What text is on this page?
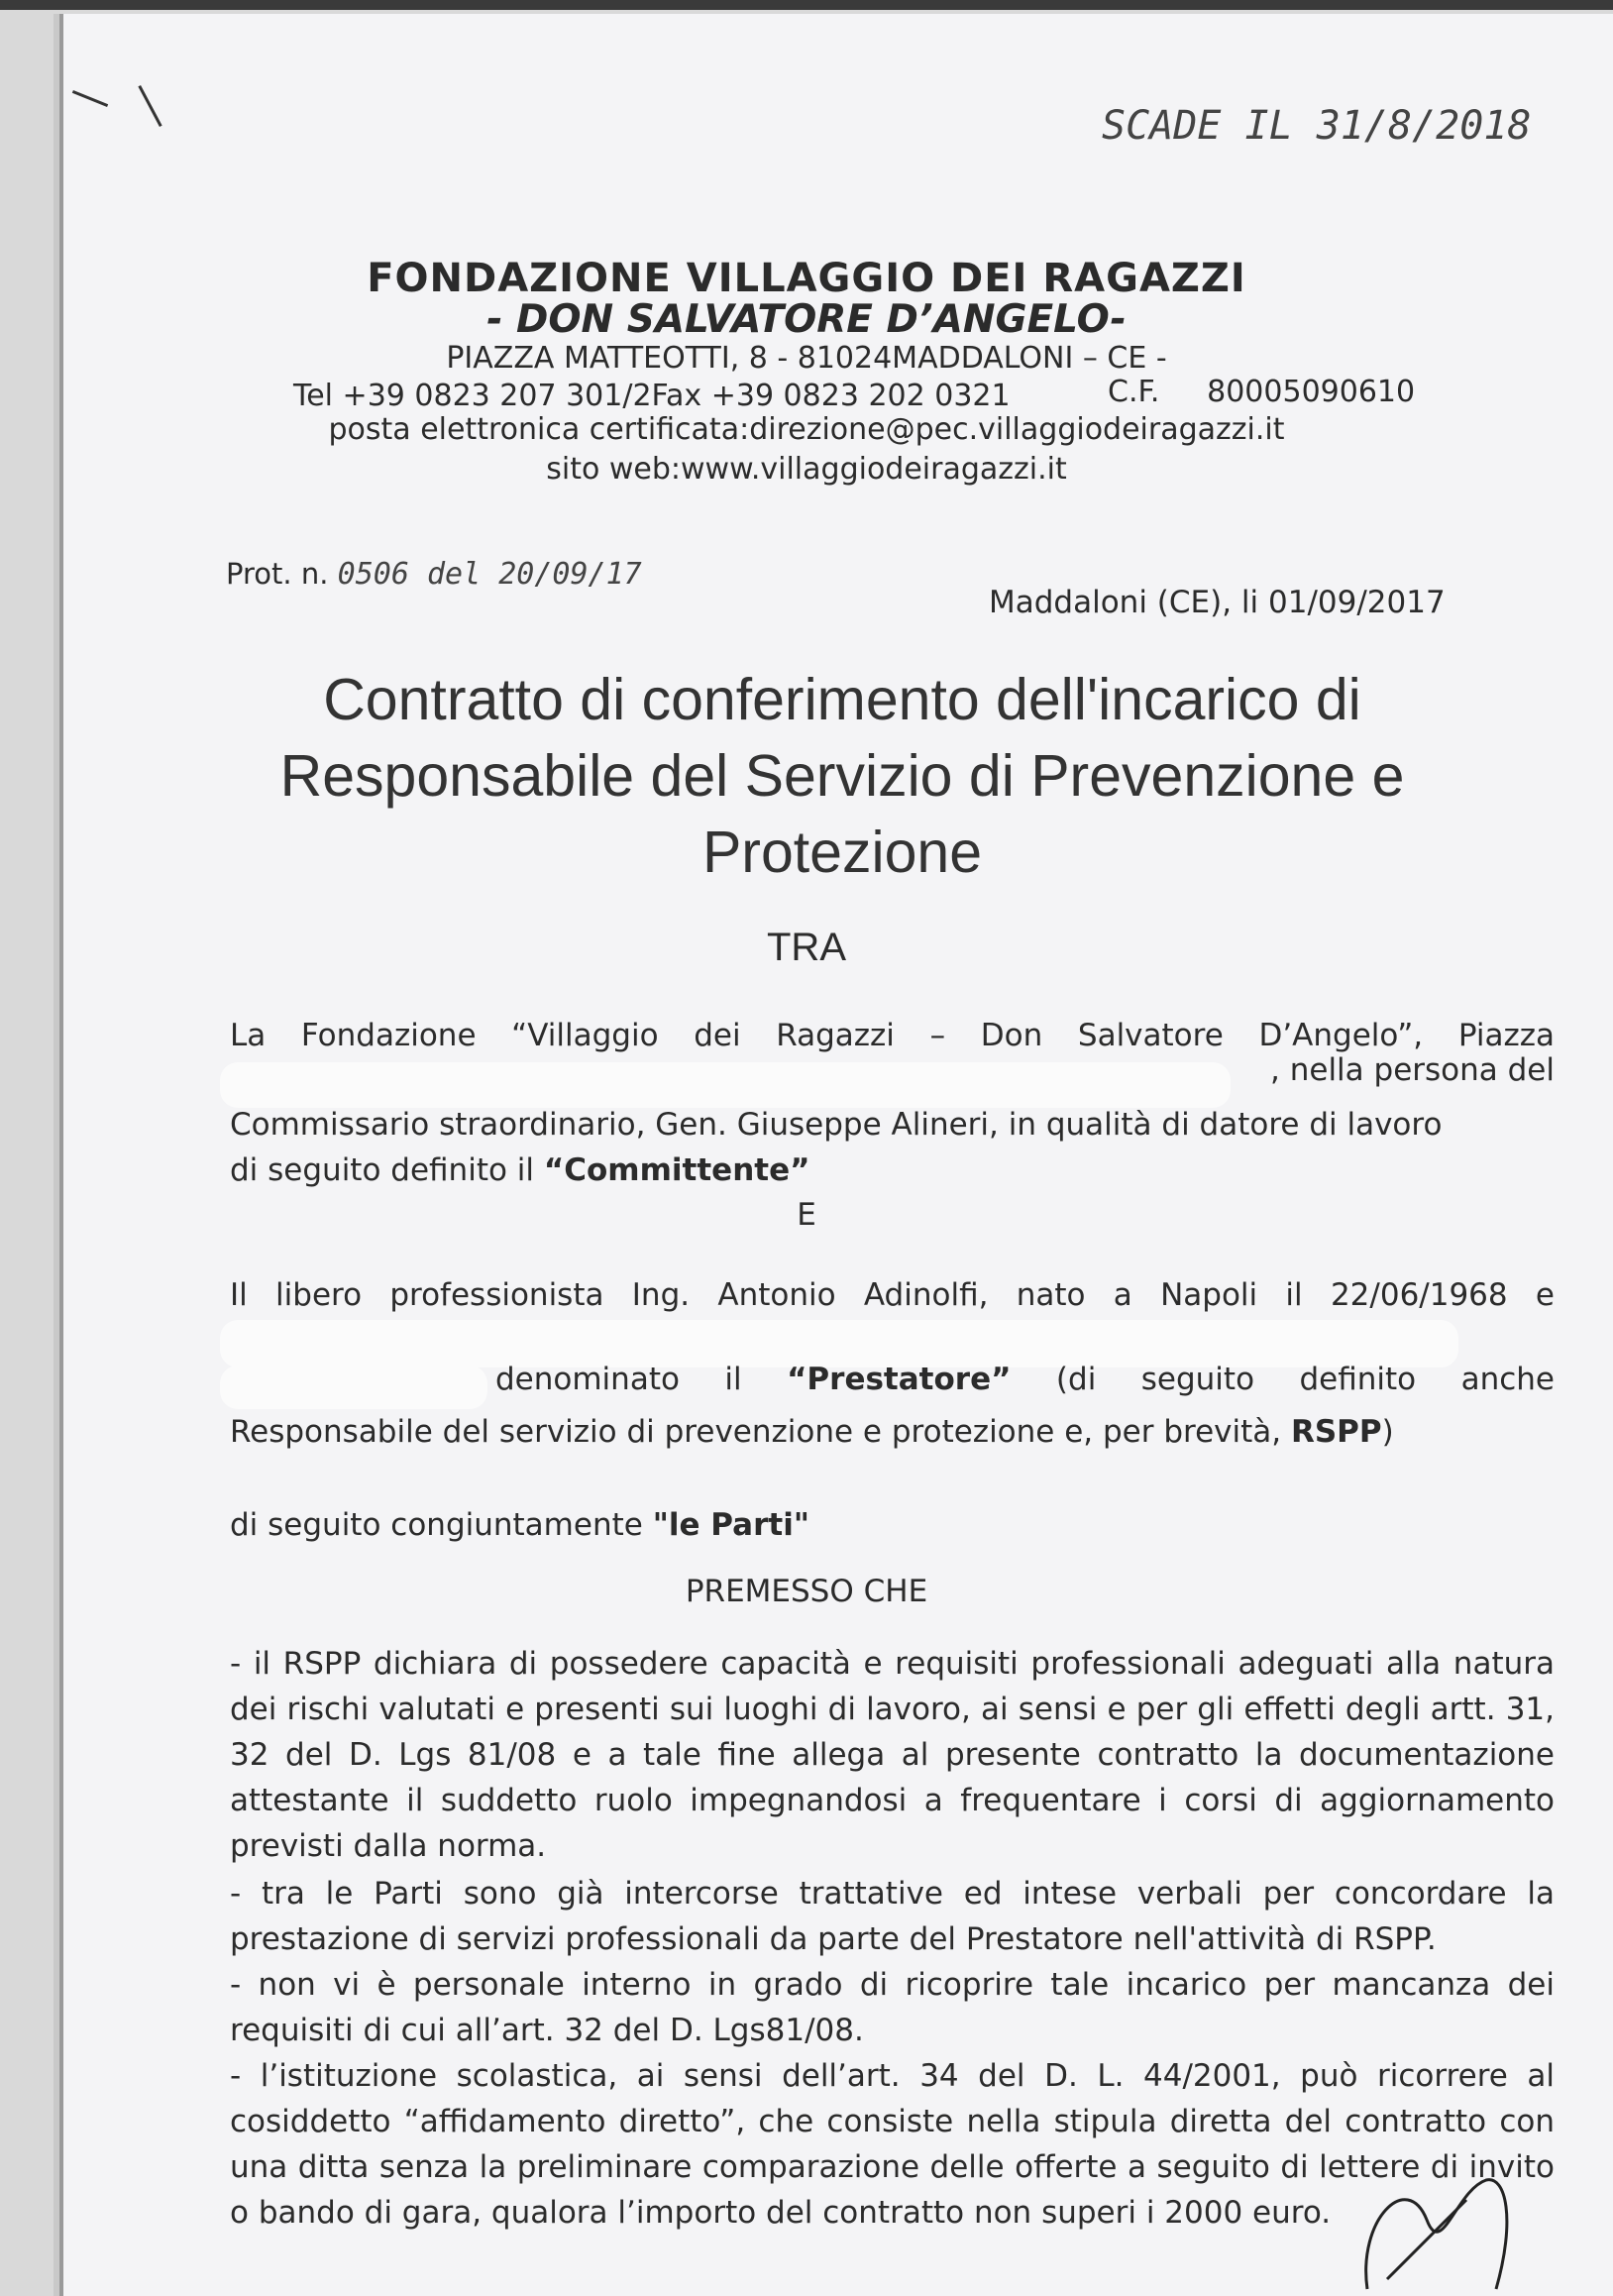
SCADE IL 31/8/2018
FONDAZIONE VILLAGGIO DEI RAGAZZI
- DON SALVATORE D’ANGELO-
PIAZZA MATTEOTTI, 8 - 81024MADDALONI – CE -
Tel +39 0823 207 301/2Fax +39 0823 202 0321	C.F.     80005090610
posta elettronica certificata:direzione@pec.villaggiodeiragazzi.it
sito web:www.villaggiodeiragazzi.it
Prot. n. 0506 del 20/09/17
Maddaloni (CE), li 01/09/2017
Contratto di conferimento dell'incarico di Responsabile del Servizio di Prevenzione e Protezione
TRA
La Fondazione “Villaggio dei Ragazzi – Don Salvatore D’Angelo”, Piazza
, nella persona del
Commissario straordinario, Gen. Giuseppe Alineri, in qualità di datore di lavoro
di seguito definito il “Committente”
E
Il libero professionista Ing. Antonio Adinolfi, nato a Napoli il 22/06/1968 e
denominato il “Prestatore” (di seguito definito anche
Responsabile del servizio di prevenzione e protezione e, per brevità, RSPP)
di seguito congiuntamente "le Parti"
PREMESSO CHE
- il RSPP dichiara di possedere capacità e requisiti professionali adeguati alla natura dei rischi valutati e presenti sui luoghi di lavoro, ai sensi e per gli effetti degli artt. 31, 32 del D. Lgs 81/08 e a tale fine allega al presente contratto la documentazione attestante il suddetto ruolo impegnandosi a frequentare i corsi di aggiornamento previsti dalla norma.
- tra le Parti sono già intercorse trattative ed intese verbali per concordare la prestazione di servizi professionali da parte del Prestatore nell'attività di RSPP.
- non vi è personale interno in grado di ricoprire tale incarico per mancanza dei requisiti di cui all’art. 32 del D. Lgs81/08.
- l’istituzione scolastica, ai sensi dell’art. 34 del D. L. 44/2001, può ricorrere al cosiddetto “affidamento diretto”, che consiste nella stipula diretta del contratto con una ditta senza la preliminare comparazione delle offerte a seguito di lettere di invito o bando di gara, qualora l’importo del contratto non superi i 2000 euro.
